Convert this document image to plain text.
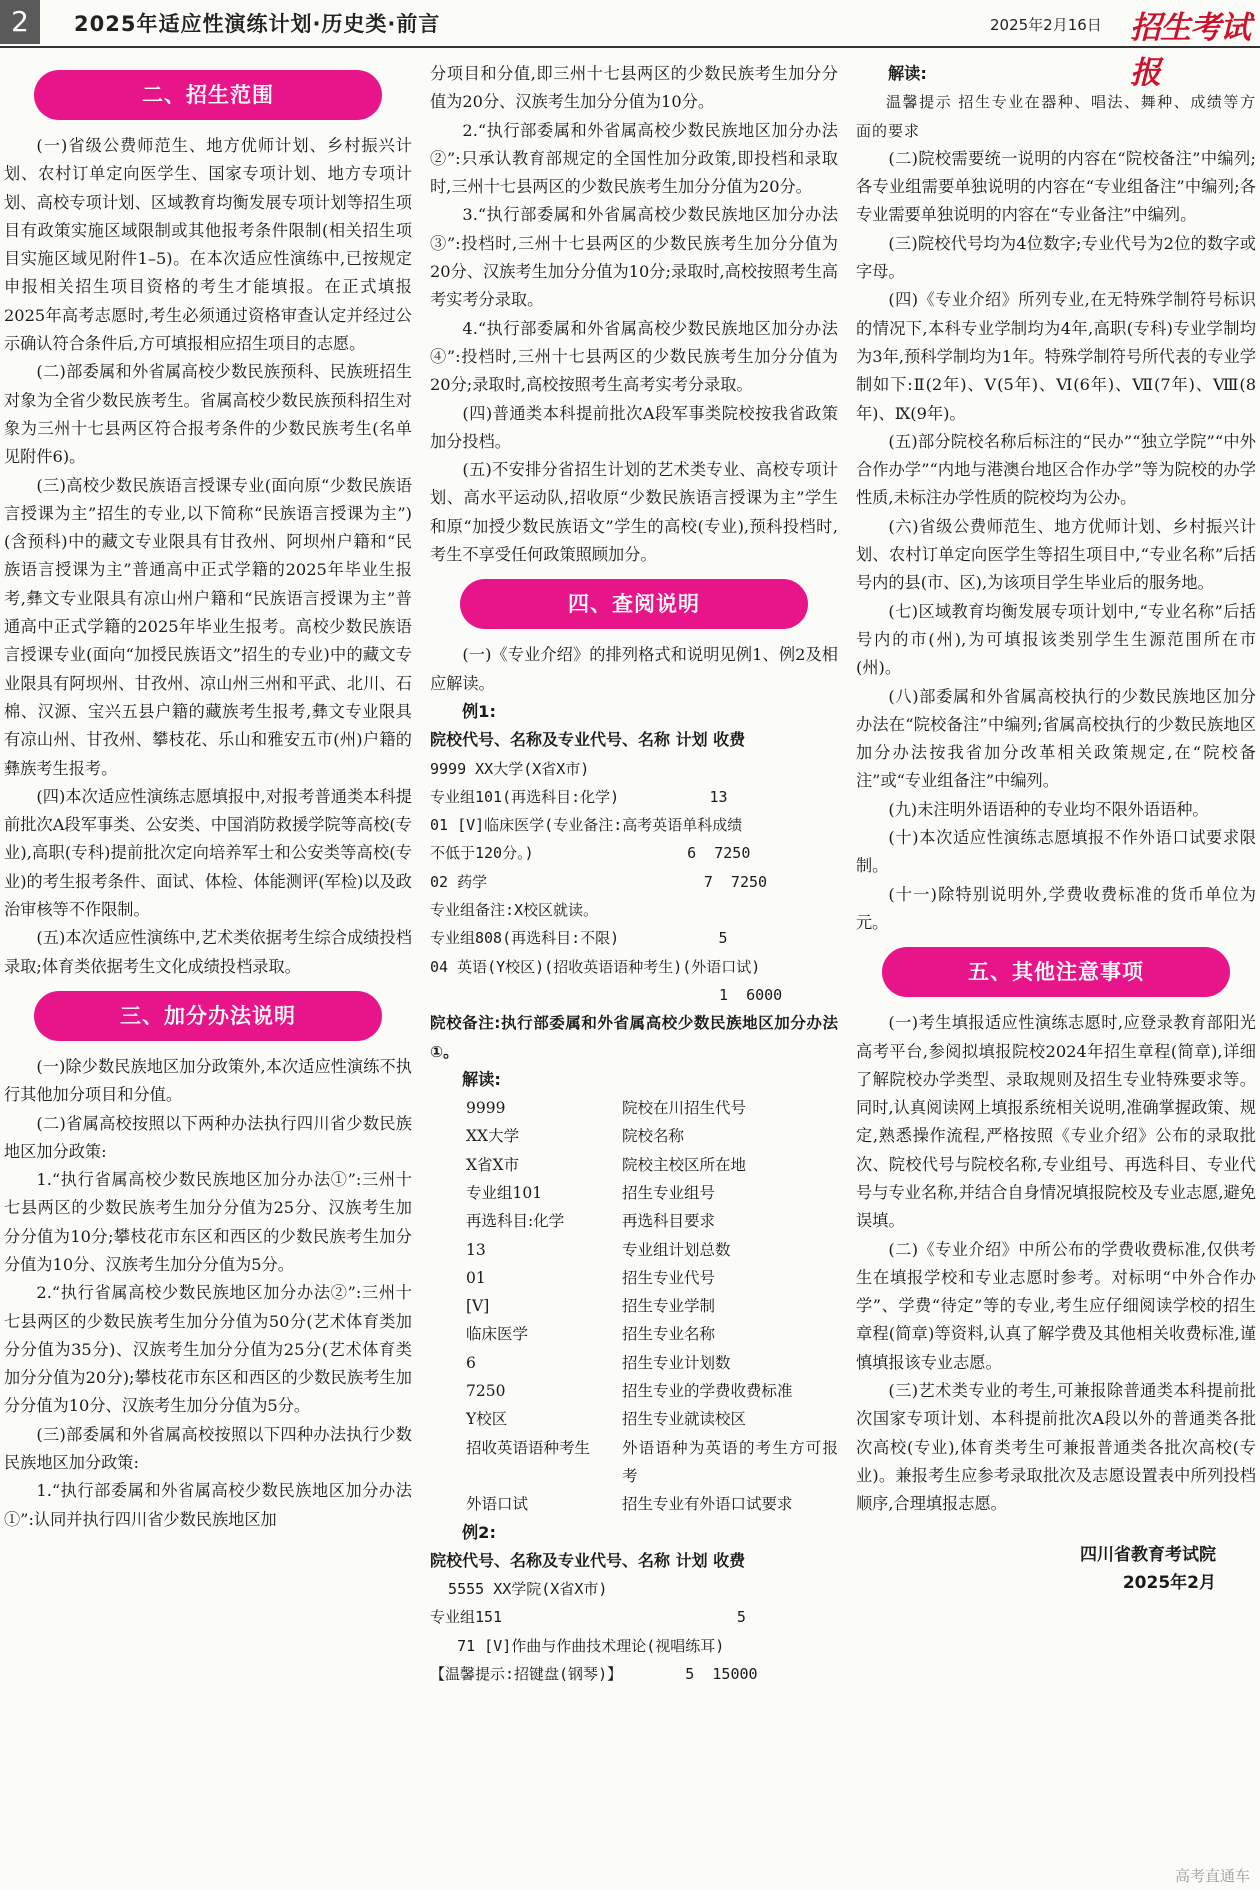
2	2025年适应性演练计划·历史类·前言	2025年2月16日 招生考试报
二、招生范围

(一)省级公费师范生、地方优师计划、乡村振兴计划、农村订单定向医学生、国家专项计划、地方专项计划、高校专项计划、区域教育均衡发展专项计划等招生项目有政策实施区域限制或其他报考条件限制(相关招生项目实施区域见附件1–5)。在本次适应性演练中,已按规定申报相关招生项目资格的考生才能填报。在正式填报2025年高考志愿时,考生必须通过资格审查认定并经过公示确认符合条件后,方可填报相应招生项目的志愿。

(二)部委属和外省属高校少数民族预科、民族班招生对象为全省少数民族考生。省属高校少数民族预科招生对象为三州十七县两区符合报考条件的少数民族考生(名单见附件6)。

(三)高校少数民族语言授课专业(面向原“少数民族语言授课为主”招生的专业,以下简称“民族语言授课为主”)(含预科)中的藏文专业限具有甘孜州、阿坝州户籍和“民族语言授课为主”普通高中正式学籍的2025年毕业生报考,彝文专业限具有凉山州户籍和“民族语言授课为主”普通高中正式学籍的2025年毕业生报考。高校少数民族语言授课专业(面向“加授民族语文”招生的专业)中的藏文专业限具有阿坝州、甘孜州、凉山州三州和平武、北川、石棉、汉源、宝兴五县户籍的藏族考生报考,彝文专业限具有凉山州、甘孜州、攀枝花、乐山和雅安五市(州)户籍的彝族考生报考。

(四)本次适应性演练志愿填报中,对报考普通类本科提前批次A段军事类、公安类、中国消防救援学院等高校(专业),高职(专科)提前批次定向培养军士和公安类等高校(专业)的考生报考条件、面试、体检、体能测评(军检)以及政治审核等不作限制。

(五)本次适应性演练中,艺术类依据考生综合成绩投档录取;体育类依据考生文化成绩投档录取。

三、加分办法说明

(一)除少数民族地区加分政策外,本次适应性演练不执行其他加分项目和分值。

(二)省属高校按照以下两种办法执行四川省少数民族地区加分政策:

1.“执行省属高校少数民族地区加分办法①”:三州十七县两区的少数民族考生加分分值为25分、汉族考生加分分值为10分;攀枝花市东区和西区的少数民族考生加分分值为10分、汉族考生加分分值为5分。

2.“执行省属高校少数民族地区加分办法②”:三州十七县两区的少数民族考生加分分值为50分(艺术体育类加分分值为35分)、汉族考生加分分值为25分(艺术体育类加分分值为20分);攀枝花市东区和西区的少数民族考生加分分值为10分、汉族考生加分分值为5分。

(三)部委属和外省属高校按照以下四种办法执行少数民族地区加分政策:

1.“执行部委属和外省属高校少数民族地区加分办法①”:认同并执行四川省少数民族地区加

分项目和分值,即三州十七县两区的少数民族考生加分分值为20分、汉族考生加分分值为10分。

2.“执行部委属和外省属高校少数民族地区加分办法②”:只承认教育部规定的全国性加分政策,即投档和录取时,三州十七县两区的少数民族考生加分分值为20分。

3.“执行部委属和外省属高校少数民族地区加分办法③”:投档时,三州十七县两区的少数民族考生加分分值为20分、汉族考生加分分值为10分;录取时,高校按照考生高考实考分录取。

4.“执行部委属和外省属高校少数民族地区加分办法④”:投档时,三州十七县两区的少数民族考生加分分值为20分;录取时,高校按照考生高考实考分录取。

(四)普通类本科提前批次A段军事类院校按我省政策加分投档。

(五)不安排分省招生计划的艺术类专业、高校专项计划、高水平运动队,招收原“少数民族语言授课为主”学生和原“加授少数民族语文”学生的高校(专业),预科投档时,考生不享受任何政策照顾加分。

四、查阅说明

(一)《专业介绍》的排列格式和说明见例1、例2及相应解读。

例1:
院校代号、名称及专业代号、名称 计划 收费
9999 XX大学(X省X市)
专业组101(再选科目:化学)          13
01 [V]临床医学(专业备注:高考英语单科成绩
不低于120分。)                 6  7250
02 药学                        7  7250
专业组备注:X校区就读。
专业组808(再选科目:不限)           5
04 英语(Y校区)(招收英语语种考生)(外语口试)
1  6000
院校备注:执行部委属和外省属高校少数民族地区加分办法①。
解读:
9999	院校在川招生代号
XX大学	院校名称
X省X市	院校主校区所在地
专业组101	招生专业组号
再选科目:化学	再选科目要求
13	专业组计划总数
01	招生专业代号
[V]	招生专业学制
临床医学	招生专业名称
6	招生专业计划数
7250	招生专业的学费收费标准
Y校区	招生专业就读校区
招收英语语种考生	外语语种为英语的考生方可报考
外语口试	招生专业有外语口试要求
例2:
院校代号、名称及专业代号、名称 计划 收费
5555 XX学院(X省X市)
专业组151                          5
71 [V]作曲与作曲技术理论(视唱练耳)
【温馨提示:招键盘(钢琴)】       5  15000
解读:

温馨提示 招生专业在器种、唱法、舞种、成绩等方面的要求

(二)院校需要统一说明的内容在“院校备注”中编列;各专业组需要单独说明的内容在“专业组备注”中编列;各专业需要单独说明的内容在“专业备注”中编列。

(三)院校代号均为4位数字;专业代号为2位的数字或字母。

(四)《专业介绍》所列专业,在无特殊学制符号标识的情况下,本科专业学制均为4年,高职(专科)专业学制均为3年,预科学制均为1年。特殊学制符号所代表的专业学制如下:Ⅱ(2年)、Ⅴ(5年)、Ⅵ(6年)、Ⅶ(7年)、Ⅷ(8年)、Ⅸ(9年)。

(五)部分院校名称后标注的“民办”“独立学院”“中外合作办学”“内地与港澳台地区合作办学”等为院校的办学性质,未标注办学性质的院校均为公办。

(六)省级公费师范生、地方优师计划、乡村振兴计划、农村订单定向医学生等招生项目中,“专业名称”后括号内的县(市、区),为该项目学生毕业后的服务地。

(七)区域教育均衡发展专项计划中,“专业名称”后括号内的市(州),为可填报该类别学生生源范围所在市(州)。

(八)部委属和外省属高校执行的少数民族地区加分办法在“院校备注”中编列;省属高校执行的少数民族地区加分办法按我省加分改革相关政策规定,在“院校备注”或“专业组备注”中编列。

(九)未注明外语语种的专业均不限外语语种。

(十)本次适应性演练志愿填报不作外语口试要求限制。

(十一)除特别说明外,学费收费标准的货币单位为元。

五、其他注意事项

(一)考生填报适应性演练志愿时,应登录教育部阳光高考平台,参阅拟填报院校2024年招生章程(简章),详细了解院校办学类型、录取规则及招生专业特殊要求等。同时,认真阅读网上填报系统相关说明,准确掌握政策、规定,熟悉操作流程,严格按照《专业介绍》公布的录取批次、院校代号与院校名称,专业组号、再选科目、专业代号与专业名称,并结合自身情况填报院校及专业志愿,避免误填。

(二)《专业介绍》中所公布的学费收费标准,仅供考生在填报学校和专业志愿时参考。对标明“中外合作办学”、学费“待定”等的专业,考生应仔细阅读学校的招生章程(简章)等资料,认真了解学费及其他相关收费标准,谨慎填报该专业志愿。

(三)艺术类专业的考生,可兼报除普通类本科提前批次国家专项计划、本科提前批次A段以外的普通类各批次高校(专业),体育类考生可兼报普通类各批次高校(专业)。兼报考生应参考录取批次及志愿设置表中所列投档顺序,合理填报志愿。

四川省教育考试院
2025年2月
高考直通车
